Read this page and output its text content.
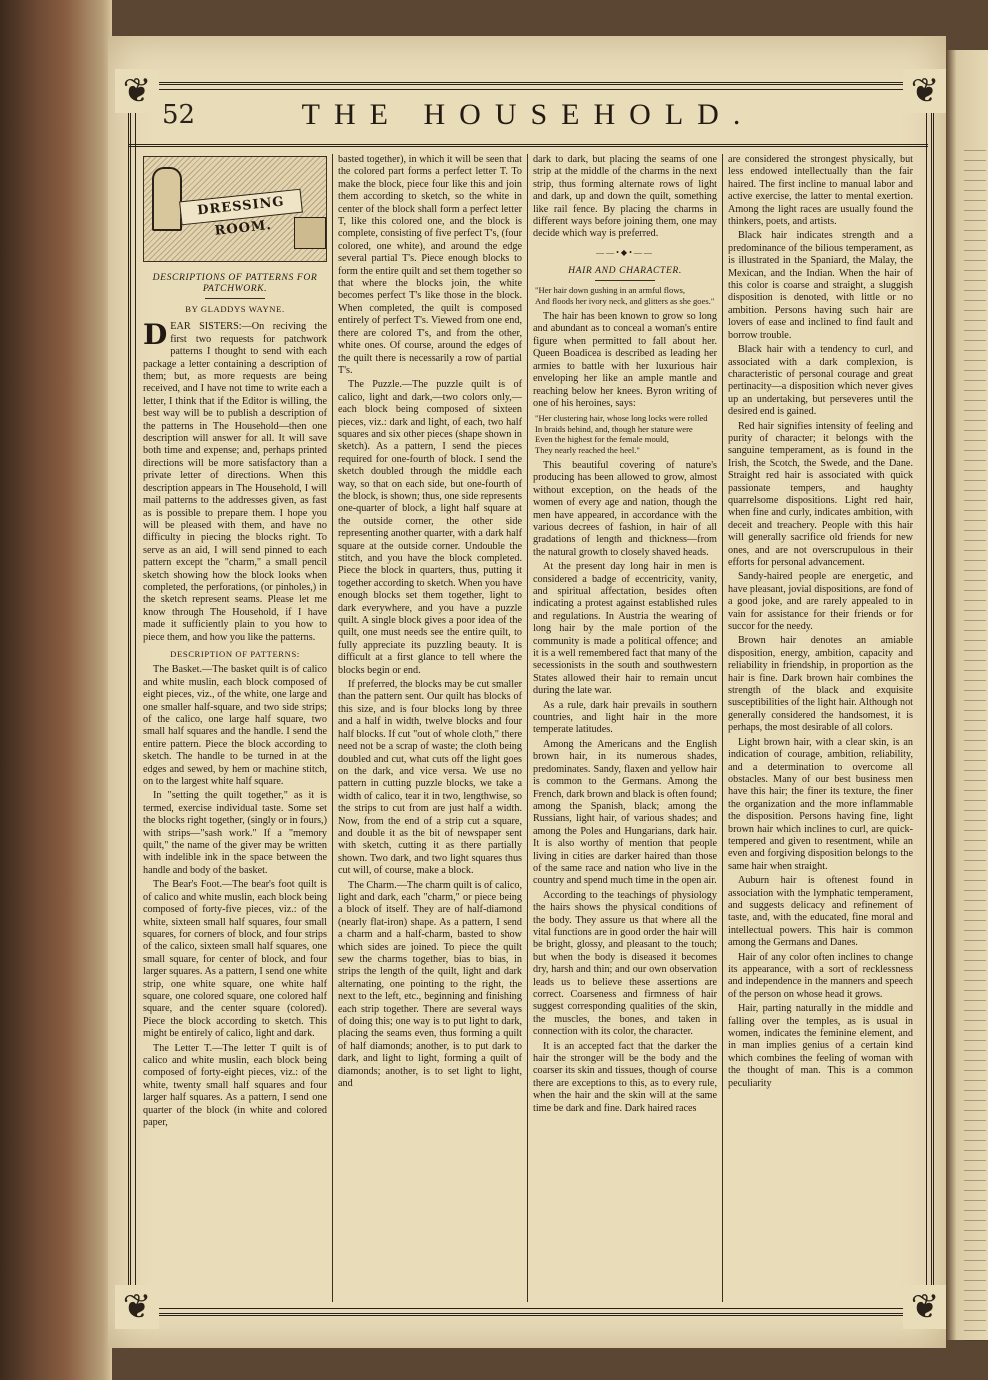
❦	❦
❦	❦
52	THE HOUSEHOLD.
DRESSING ROOM.
DESCRIPTIONS OF PATTERNS FOR PATCHWORK.
BY GLADDYS WAYNE.

DEAR SISTERS:—On reciving the first two requests for patchwork patterns I thought to send with each package a letter containing a description of them; but, as more requests are being received, and I have not time to write each a letter, I think that if the Editor is willing, the best way will be to publish a description of the patterns in The Household—then one description will answer for all. It will save both time and expense; and, perhaps printed directions will be more satisfactory than a private letter of directions. When this description appears in The Household, I will mail patterns to the addresses given, as fast as is possible to prepare them. I hope you will be pleased with them, and have no difficulty in piecing the blocks right. To serve as an aid, I will send pinned to each pattern except the "charm," a small pencil sketch showing how the block looks when completed, the perforations, (or pinholes,) in the sketch represent seams. Please let me know through The Household, if I have made it sufficiently plain to you how to piece them, and how you like the patterns.

DESCRIPTION OF PATTERNS:

The Basket.—The basket quilt is of calico and white muslin, each block composed of eight pieces, viz., of the white, one large and one smaller half-square, and two side strips; of the calico, one large half square, two small half squares and the handle. I send the entire pattern. Piece the block according to sketch. The handle to be turned in at the edges and sewed, by hem or machine stitch, on to the largest white half square.

In "setting the quilt together," as it is termed, exercise individual taste. Some set the blocks right together, (singly or in fours,) with strips—"sash work." If a "memory quilt," the name of the giver may be written with indelible ink in the space between the handle and body of the basket.

The Bear's Foot.—The bear's foot quilt is of calico and white muslin, each block being composed of forty-five pieces, viz.: of the white, sixteen small half squares, four small squares, for corners of block, and four strips of the calico, sixteen small half squares, one small square, for center of block, and four larger squares. As a pattern, I send one white strip, one white square, one white half square, one colored square, one colored half square, and the center square (colored). Piece the block according to sketch. This might be entirely of calico, light and dark.

The Letter T.—The letter T quilt is of calico and white muslin, each block being composed of forty-eight pieces, viz.: of the white, twenty small half squares and four larger half squares. As a pattern, I send one quarter of the block (in white and colored paper,

basted together), in which it will be seen that the colored part forms a perfect letter T. To make the block, piece four like this and join them according to sketch, so the white in center of the block shall form a perfect letter T, like this colored one, and the block is complete, consisting of five perfect T's, (four colored, one white), and around the edge several partial T's. Piece enough blocks to form the entire quilt and set them together so that where the blocks join, the white becomes perfect T's like those in the block. When completed, the quilt is composed entirely of perfect T's. Viewed from one end, there are colored T's, and from the other, white ones. Of course, around the edges of the quilt there is necessarily a row of partial T's.

The Puzzle.—The puzzle quilt is of calico, light and dark,—two colors only,—each block being composed of sixteen pieces, viz.: dark and light, of each, two half squares and six other pieces (shape shown in sketch). As a pattern, I send the pieces required for one-fourth of block. I send the sketch doubled through the middle each way, so that on each side, but one-fourth of the block, is shown; thus, one side represents one-quarter of block, a light half square at the outside corner, the other side representing another quarter, with a dark half square at the outside corner. Undouble the stitch, and you have the block completed. Piece the block in quarters, thus, putting it together according to sketch. When you have enough blocks set them together, light to dark everywhere, and you have a puzzle quilt. A single block gives a poor idea of the quilt, one must needs see the entire quilt, to fully appreciate its puzzling beauty. It is difficult at a first glance to tell where the blocks begin or end.

If preferred, the blocks may be cut smaller than the pattern sent. Our quilt has blocks of this size, and is four blocks long by three and a half in width, twelve blocks and four half blocks. If cut "out of whole cloth," there need not be a scrap of waste; the cloth being doubled and cut, what cuts off the light goes on the dark, and vice versa. We use no pattern in cutting puzzle blocks, we take a width of calico, tear it in two, lengthwise, so the strips to cut from are just half a width. Now, from the end of a strip cut a square, and double it as the bit of newspaper sent with sketch, cutting it as there partially shown. Two dark, and two light squares thus cut will, of course, make a block.

The Charm.—The charm quilt is of calico, light and dark, each "charm," or piece being a block of itself. They are of half-diamond (nearly flat-iron) shape. As a pattern, I send a charm and a half-charm, basted to show which sides are joined. To piece the quilt sew the charms together, bias to bias, in strips the length of the quilt, light and dark alternating, one pointing to the right, the next to the left, etc., beginning and finishing each strip together. There are several ways of doing this; one way is to put light to dark, placing the seams even, thus forming a quilt of half diamonds; another, is to put dark to dark, and light to light, forming a quilt of diamonds; another, is to set light to light, and

dark to dark, but placing the seams of one strip at the middle of the charms in the next strip, thus forming alternate rows of light and dark, up and down the quilt, something like rail fence. By placing the charms in different ways before joining them, one may decide which way is preferred.

——•◆•——
HAIR AND CHARACTER.
"Her hair down gushing in an armful flows,
And floods her ivory neck, and glitters as she goes."

The hair has been known to grow so long and abundant as to conceal a woman's entire figure when permitted to fall about her. Queen Boadicea is described as leading her armies to battle with her luxurious hair enveloping her like an ample mantle and reaching below her knees. Byron writing of one of his heroines, says:

"Her clustering hair, whose long locks were rolled
In braids behind, and, though her stature were
Even the highest for the female mould,
They nearly reached the heel."

This beautiful covering of nature's producing has been allowed to grow, almost without exception, on the heads of the women of every age and nation, though the men have appeared, in accordance with the various decrees of fashion, in hair of all gradations of length and thickness—from the natural growth to closely shaved heads.

At the present day long hair in men is considered a badge of eccentricity, vanity, and spiritual affectation, besides often indicating a protest against established rules and regulations. In Austria the wearing of long hair by the male portion of the community is made a political offence; and it is a well remembered fact that many of the secessionists in the south and southwestern States allowed their hair to remain uncut during the late war.

As a rule, dark hair prevails in southern countries, and light hair in the more temperate latitudes.

Among the Americans and the English brown hair, in its numerous shades, predominates. Sandy, flaxen and yellow hair is common to the Germans. Among the French, dark brown and black is often found; among the Spanish, black; among the Russians, light hair, of various shades; and among the Poles and Hungarians, dark hair. It is also worthy of mention that people living in cities are darker haired than those of the same race and nation who live in the country and spend much time in the open air.

According to the teachings of physiology the hairs shows the physical conditions of the body. They assure us that where all the vital functions are in good order the hair will be bright, glossy, and pleasant to the touch; but when the body is diseased it becomes dry, harsh and thin; and our own observation leads us to believe these assertions are correct. Coarseness and firmness of hair suggest corresponding qualities of the skin, the muscles, the bones, and taken in connection with its color, the character.

It is an accepted fact that the darker the hair the stronger will be the body and the coarser its skin and tissues, though of course there are exceptions to this, as to every rule, when the hair and the skin will at the same time be dark and fine. Dark haired races

are considered the strongest physically, but less endowed intellectually than the fair haired. The first incline to manual labor and active exercise, the latter to mental exertion. Among the light races are usually found the thinkers, poets, and artists.

Black hair indicates strength and a predominance of the bilious temperament, as is illustrated in the Spaniard, the Malay, the Mexican, and the Indian. When the hair of this color is coarse and straight, a sluggish disposition is denoted, with little or no ambition. Persons having such hair are lovers of ease and inclined to find fault and borrow trouble.

Black hair with a tendency to curl, and associated with a dark complexion, is characteristic of personal courage and great pertinacity—a disposition which never gives up an undertaking, but perseveres until the desired end is gained.

Red hair signifies intensity of feeling and purity of character; it belongs with the sanguine temperament, as is found in the Irish, the Scotch, the Swede, and the Dane. Straight red hair is associated with quick passionate tempers, and haughty quarrelsome dispositions. Light red hair, when fine and curly, indicates ambition, with deceit and treachery. People with this hair will generally sacrifice old friends for new ones, and are not overscrupulous in their efforts for personal advancement.

Sandy-haired people are energetic, and have pleasant, jovial dispositions, are fond of a good joke, and are rarely appealed to in vain for assistance for their friends or for succor for the needy.

Brown hair denotes an amiable disposition, energy, ambition, capacity and reliability in friendship, in proportion as the hair is fine. Dark brown hair combines the strength of the black and exquisite susceptibilities of the light hair. Although not generally considered the handsomest, it is perhaps, the most desirable of all colors.

Light brown hair, with a clear skin, is an indication of courage, ambition, reliability, and a determination to overcome all obstacles. Many of our best business men have this hair; the finer its texture, the finer the organization and the more inflammable the disposition. Persons having fine, light brown hair which inclines to curl, are quick-tempered and given to resentment, while an even and forgiving disposition belongs to the same hair when straight.

Auburn hair is oftenest found in association with the lymphatic temperament, and suggests delicacy and refinement of taste, and, with the educated, fine moral and intellectual powers. This hair is common among the Germans and Danes.

Hair of any color often inclines to change its appearance, with a sort of recklessness and independence in the manners and speech of the person on whose head it grows.

Hair, parting naturally in the middle and falling over the temples, as is usual in women, indicates the feminine element, and in man implies genius of a certain kind which combines the feeling of woman with the thought of man. This is a common peculiarity
